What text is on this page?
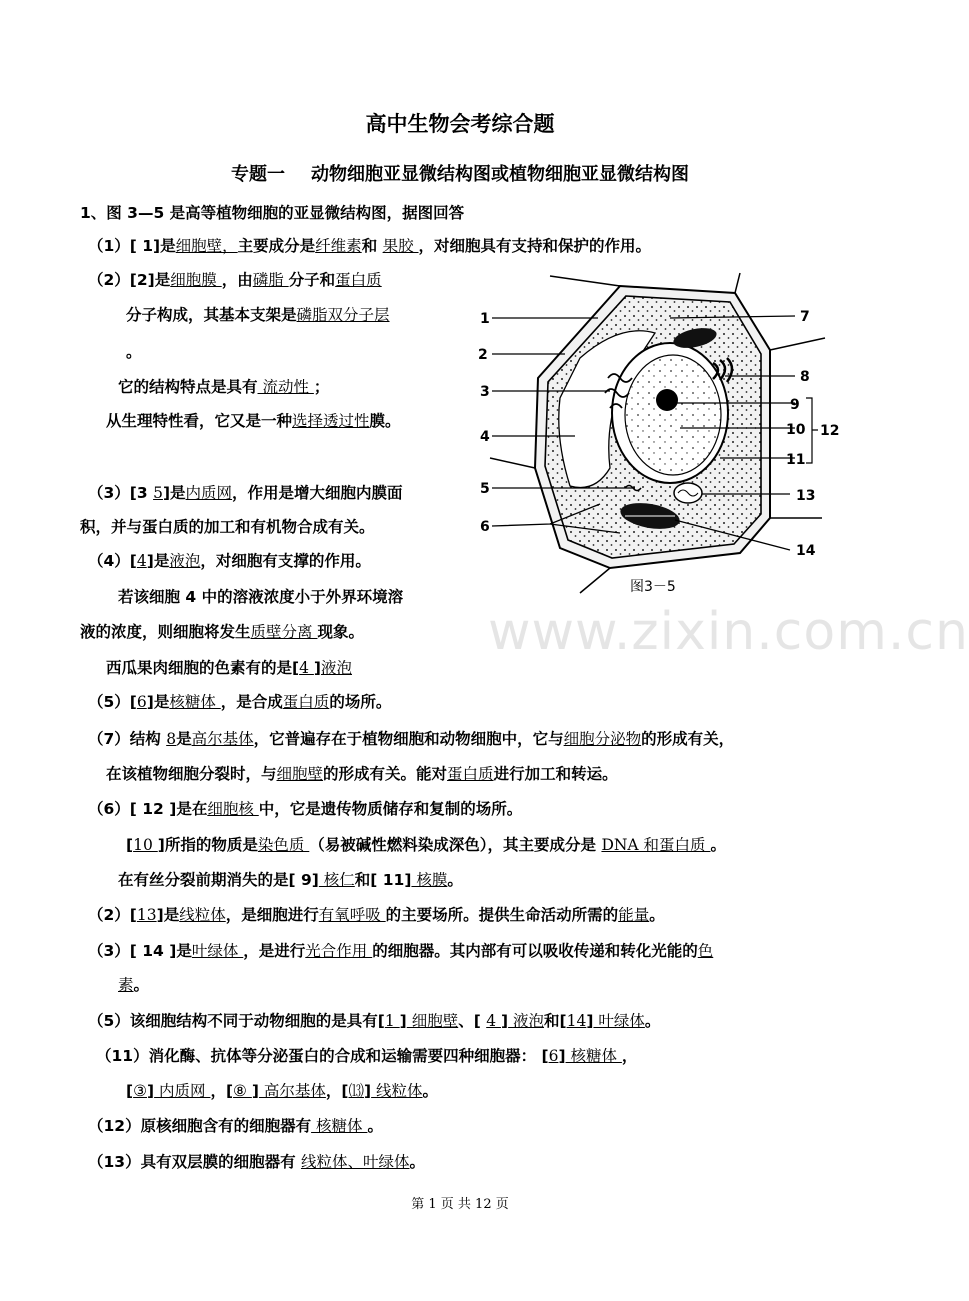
高中生物会考综合题
专题一 动物细胞亚显微结构图或植物细胞亚显微结构图
1、图 3—5 是高等植物细胞的亚显微结构图，据图回答
（1）[ 1]是细胞壁，主要成分是纤维素和 果胶 ，对细胞具有支持和保护的作用。
（2）[2]是细胞膜 ，由磷脂 分子和蛋白质
分子构成，其基本支架是磷脂双分子层
。
它的结构特点是具有 流动性 ；
从生理特性看，它又是一种选择透过性膜。
（3）[3 5]是内质网，作用是增大细胞内膜面
积，并与蛋白质的加工和有机物合成有关。
（4）[4]是液泡，对细胞有支撑的作用。
若该细胞 4 中的溶液浓度小于外界环境溶
液的浓度，则细胞将发生质壁分离 现象。
西瓜果肉细胞的色素有的是[4 ]液泡
（5）[6]是核糖体 ，是合成蛋白质的场所。
（7）结构 8是高尔基体，它普遍存在于植物细胞和动物细胞中，它与细胞分泌物的形成有关，
在该植物细胞分裂时，与细胞壁的形成有关。能对蛋白质进行加工和转运。
（6）[ 12 ]是在细胞核 中，它是遗传物质储存和复制的场所。
[10 ]所指的物质是染色质 （易被碱性燃料染成深色），其主要成分是 DNA 和蛋白质 。
在有丝分裂前期消失的是[ 9] 核仁和[ 11] 核膜。
（2）[13]是线粒体，是细胞进行有氧呼吸 的主要场所。提供生命活动所需的能量。
（3）[ 14 ]是叶绿体 ，是进行光合作用 的细胞器。其内部有可以吸收传递和转化光能的色
素。
（5）该细胞结构不同于动物细胞的是具有[1 ] 细胞壁、[ 4 ] 液泡和[14] 叶绿体。
（11）消化酶、抗体等分泌蛋白的合成和运输需要四种细胞器： [6] 核糖体 ，
[③] 内质网 ，[⑧ ] 高尔基体，[⒀] 线粒体。
（12）原核细胞含有的细胞器有 核糖体 。
（13）具有双层膜的细胞器有 线粒体、叶绿体。
1
2
3
4
5
6
7
8
9
10
11
12
13
14
图3－5
www.zixin.com.cn
第 1 页 共 12 页
